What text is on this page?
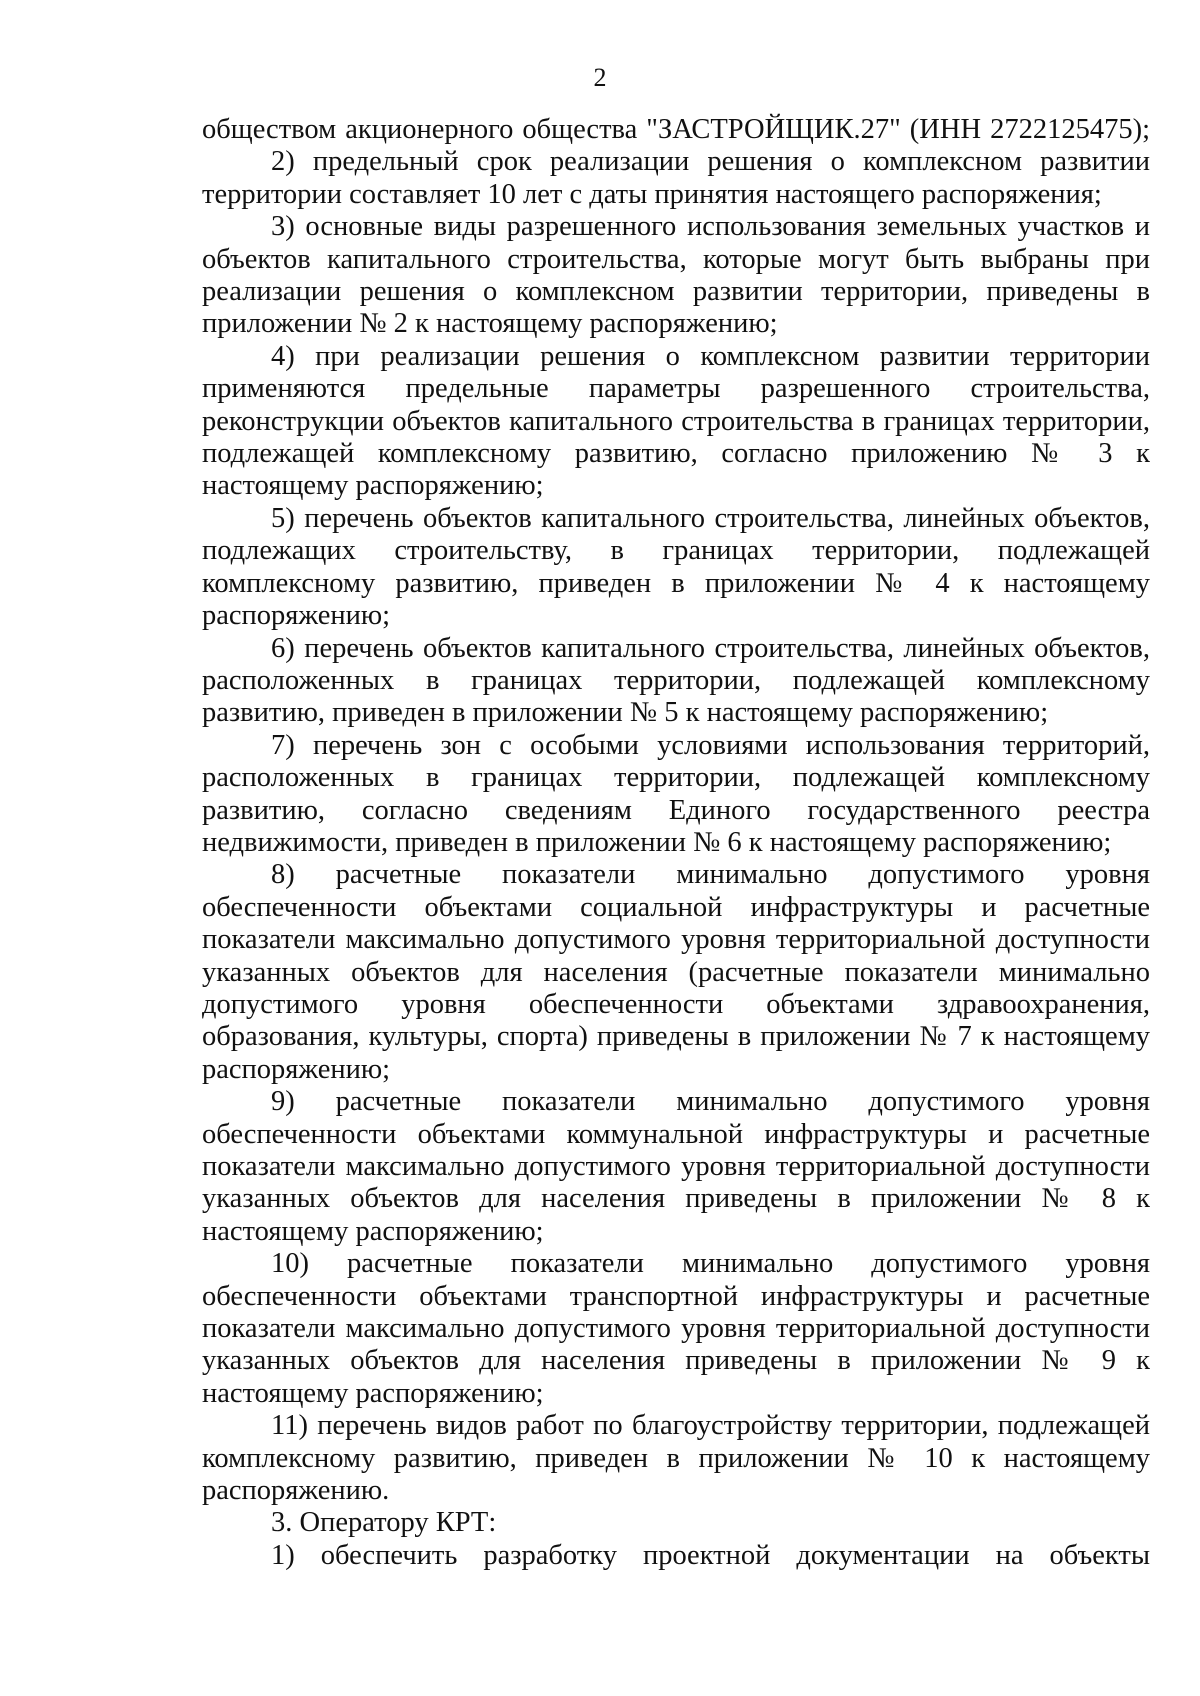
2

обществом акционерного общества "ЗАСТРОЙЩИК.27" (ИНН 2722125475);

2) предельный срок реализации решения о комплексном развитии территории составляет 10 лет с даты принятия настоящего распоряжения;

3) основные виды разрешенного использования земельных участков и объектов капитального строительства, которые могут быть выбраны при реализации решения о комплексном развитии территории, приведены в приложении № 2 к настоящему распоряжению;

4) при реализации решения о комплексном развитии территории применяются предельные параметры разрешенного строительства, реконструкции объектов капитального строительства в границах территории, подлежащей комплексному развитию, согласно приложению № 3 к настоящему распоряжению;

5) перечень объектов капитального строительства, линейных объектов, подлежащих строительству, в границах территории, подлежащей комплексному развитию, приведен в приложении № 4 к настоящему распоряжению;

6) перечень объектов капитального строительства, линейных объектов, расположенных в границах территории, подлежащей комплексному развитию, приведен в приложении № 5 к настоящему распоряжению;

7) перечень зон с особыми условиями использования территорий, расположенных в границах территории, подлежащей комплексному развитию, согласно сведениям Единого государственного реестра недвижимости, приведен в приложении № 6 к настоящему распоряжению;

8) расчетные показатели минимально допустимого уровня обеспеченности объектами социальной инфраструктуры и расчетные показатели максимально допустимого уровня территориальной доступности указанных объектов для населения (расчетные показатели минимально допустимого уровня обеспеченности объектами здравоохранения, образования, культуры, спорта) приведены в приложении № 7 к настоящему распоряжению;

9) расчетные показатели минимально допустимого уровня обеспеченности объектами коммунальной инфраструктуры и расчетные показатели максимально допустимого уровня территориальной доступности указанных объектов для населения приведены в приложении № 8 к настоящему распоряжению;

10) расчетные показатели минимально допустимого уровня обеспеченности объектами транспортной инфраструктуры и расчетные показатели максимально допустимого уровня территориальной доступности указанных объектов для населения приведены в приложении № 9 к настоящему распоряжению;

11) перечень видов работ по благоустройству территории, подлежащей комплексному развитию, приведен в приложении № 10 к настоящему распоряжению.

3. Оператору КРТ:

1) обеспечить разработку проектной документации на объекты
